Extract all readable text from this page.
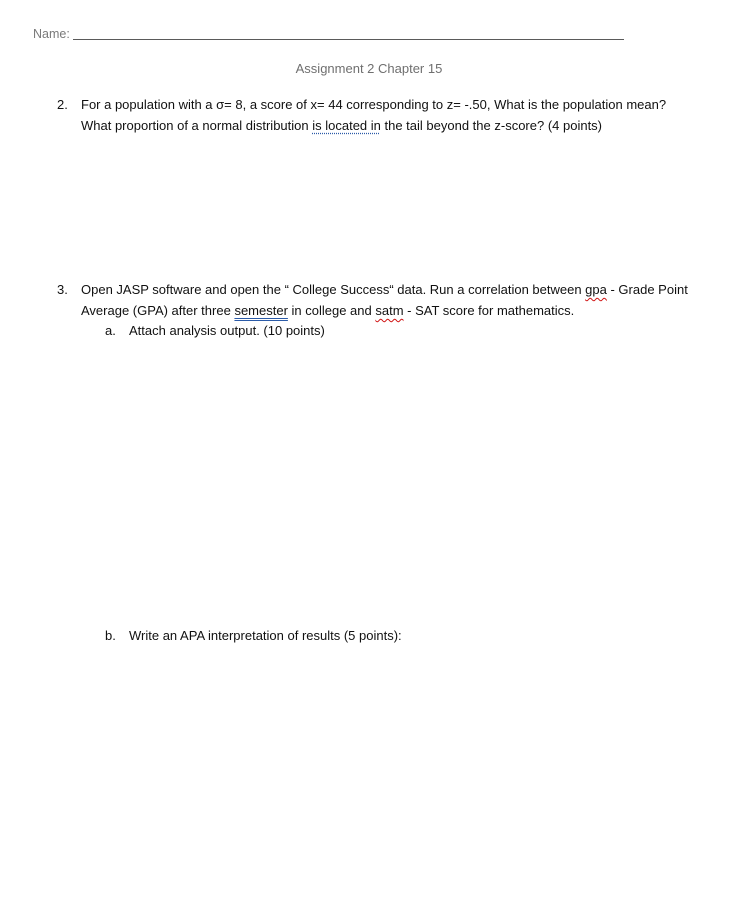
Name:
Assignment 2 Chapter 15
2. For a population with a σ= 8, a score of x= 44 corresponding to z= -.50, What is the population mean?
What proportion of a normal distribution is located in the tail beyond the z-score? (4 points)
3. Open JASP software and open the “ College Success“ data. Run a correlation between gpa - Grade Point
Average (GPA) after three semester in college and satm - SAT score for mathematics.
a. Attach analysis output. (10 points)
b. Write an APA interpretation of results (5 points):
